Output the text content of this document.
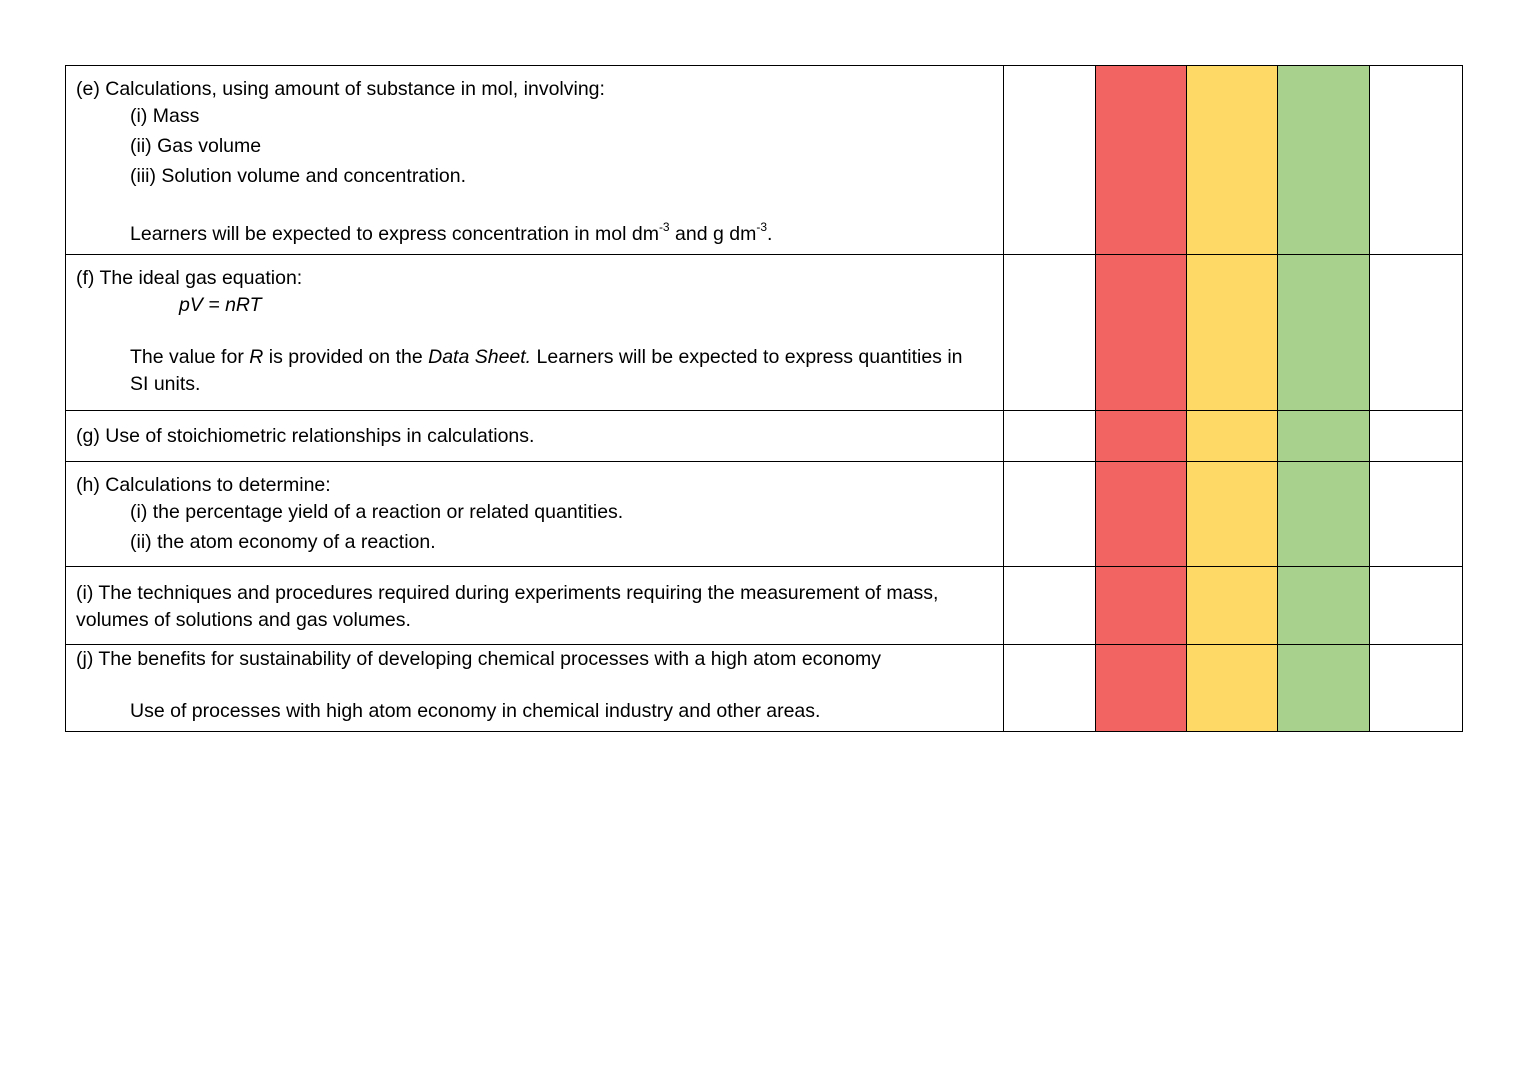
(e) Calculations, using amount of substance in mol, involving:
(i) Mass
(ii) Gas volume
(iii) Solution volume and concentration.
Learners will be expected to express concentration in mol $dm^{-3}$ and g $dm^{-3}$.					

(f) The ideal gas equation:
pV = nRT
The value for R is provided on the Data Sheet. Learners will be expected to express quantities in
SI units.					

(g) Use of stoichiometric relationships in calculations.					

(h) Calculations to determine:
(i) the percentage yield of a reaction or related quantities.
(ii) the atom economy of a reaction.					

(i) The techniques and procedures required during experiments requiring the measurement of mass,
volumes of solutions and gas volumes.					

(j) The benefits for sustainability of developing chemical processes with a high atom economy
Use of processes with high atom economy in chemical industry and other areas.					
